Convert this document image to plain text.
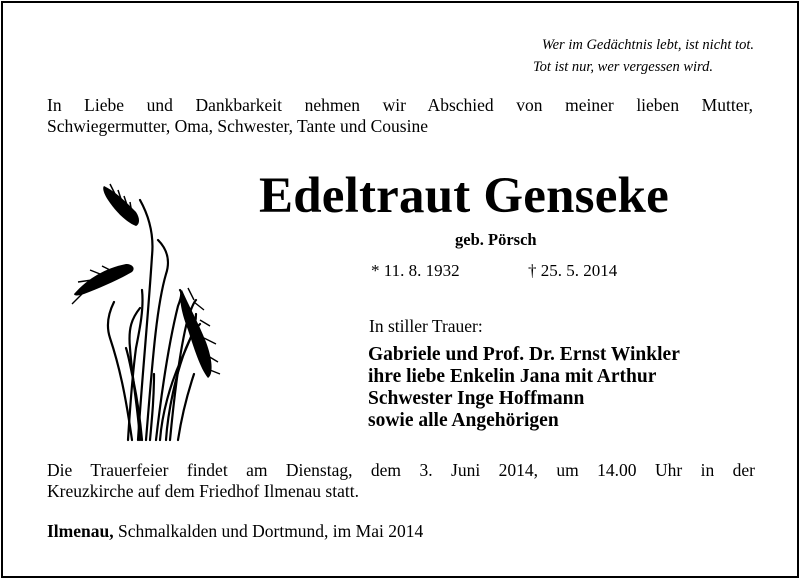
Wer im Gedächtnis lebt, ist nicht tot.
Tot ist nur, wer vergessen wird.

In Liebe und Dankbarkeit nehmen wir Abschied von meiner lieben Mutter,

Schwiegermutter, Oma, Schwester, Tante und Cousine

Edeltraut Genseke
geb. Pörsch
* 11. 8. 1932	† 25. 5. 2014
In stiller Trauer:
Gabriele und Prof. Dr. Ernst Winkler
ihre liebe Enkelin Jana mit Arthur
Schwester Inge Hoffmann
sowie alle Angehörigen

Die Trauerfeier findet am Dienstag, dem 3. Juni 2014, um 14.00 Uhr in der

Kreuzkirche auf dem Friedhof Ilmenau statt.

Ilmenau, Schmalkalden und Dortmund, im Mai 2014
